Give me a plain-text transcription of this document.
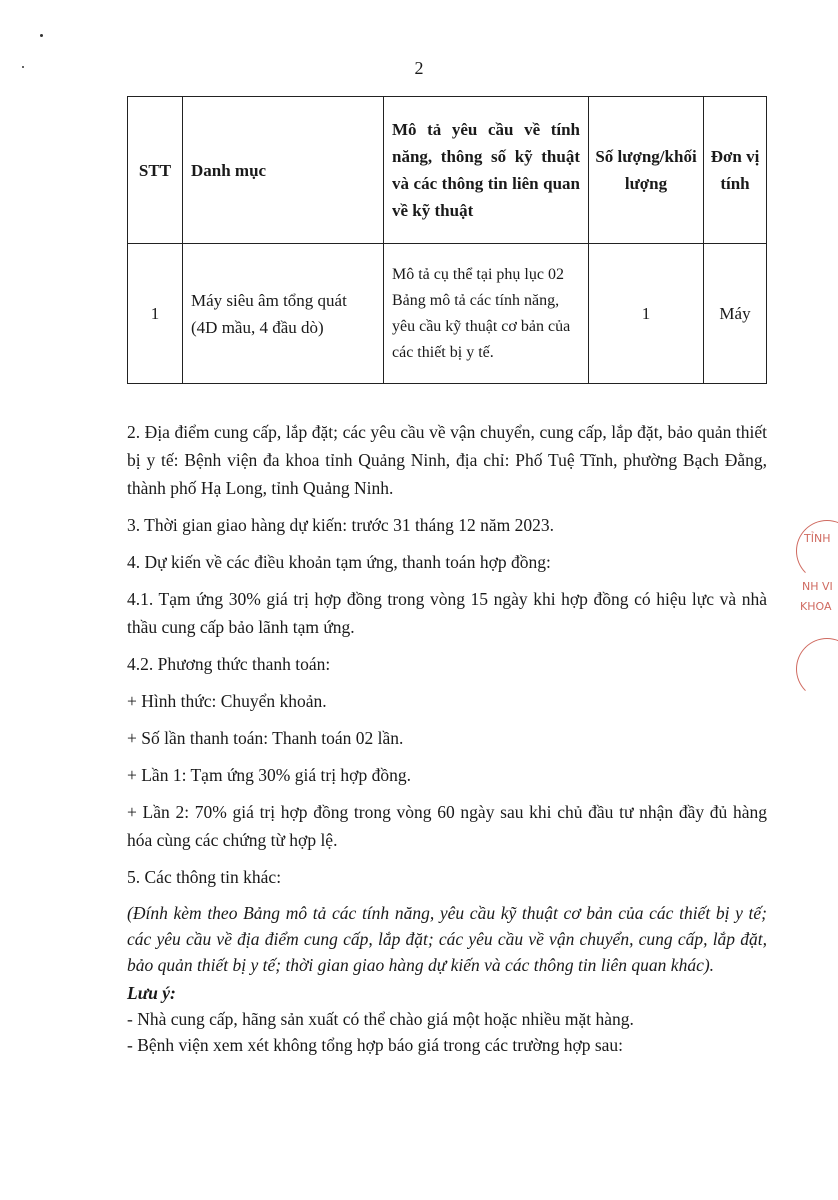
2
STT	Danh mục	Mô tả yêu cầu về tính năng, thông số kỹ thuật và các thông tin liên quan về kỹ thuật	Số lượng/khối lượng	Đơn vị tính
1	Máy siêu âm tổng quát (4D mầu, 4 đầu dò)	Mô tả cụ thể tại phụ lục 02 Bảng mô tả các tính năng, yêu cầu kỹ thuật cơ bản của các thiết bị y tế.	1	Máy

2. Địa điểm cung cấp, lắp đặt; các yêu cầu về vận chuyển, cung cấp, lắp đặt, bảo quản thiết bị y tế: Bệnh viện đa khoa tỉnh Quảng Ninh, địa chỉ: Phố Tuệ Tĩnh, phường Bạch Đằng, thành phố Hạ Long, tỉnh Quảng Ninh.

3. Thời gian giao hàng dự kiến: trước 31 tháng 12 năm 2023.

4. Dự kiến về các điều khoản tạm ứng, thanh toán hợp đồng:

4.1. Tạm ứng 30% giá trị hợp đồng trong vòng 15 ngày khi hợp đồng có hiệu lực và nhà thầu cung cấp bảo lãnh tạm ứng.

4.2. Phương thức thanh toán:

+ Hình thức: Chuyển khoản.

+ Số lần thanh toán: Thanh toán 02 lần.

+ Lần 1: Tạm ứng 30% giá trị hợp đồng.

+ Lần 2: 70% giá trị hợp đồng trong vòng 60 ngày sau khi chủ đầu tư nhận đầy đủ hàng hóa cùng các chứng từ hợp lệ.

5. Các thông tin khác:

(Đính kèm theo Bảng mô tả các tính năng, yêu cầu kỹ thuật cơ bản của các thiết bị y tế; các yêu cầu về địa điểm cung cấp, lắp đặt; các yêu cầu về vận chuyển, cung cấp, lắp đặt, bảo quản thiết bị y tế; thời gian giao hàng dự kiến và các thông tin liên quan khác).

Lưu ý:

- Nhà cung cấp, hãng sản xuất có thể chào giá một hoặc nhiều mặt hàng.

- Bệnh viện xem xét không tổng hợp báo giá trong các trường hợp sau:

TỈNH
NH VI
KHOA
